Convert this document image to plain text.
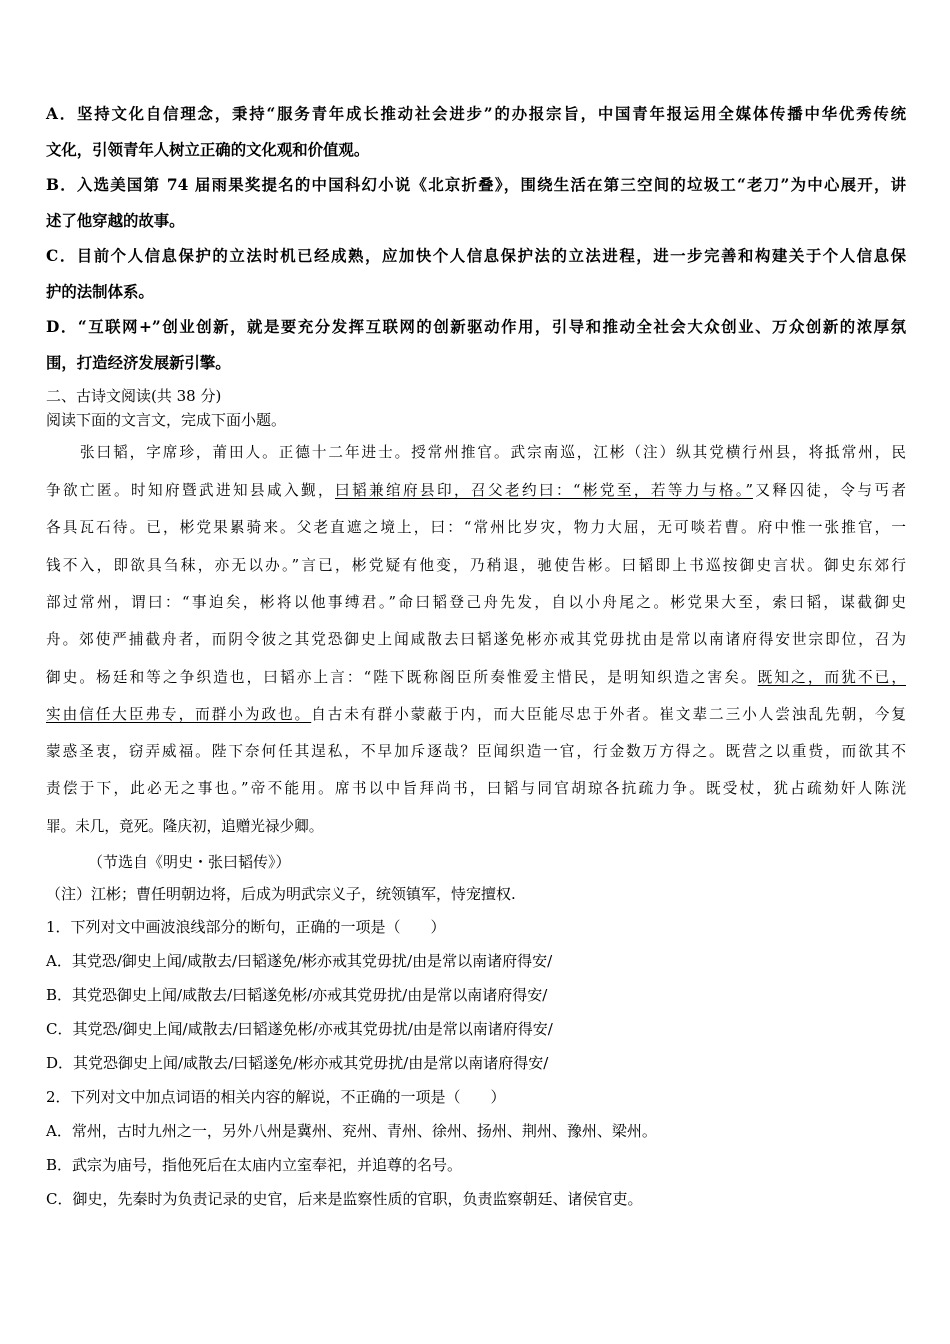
A．坚持文化自信理念，秉持“服务青年成长推动社会进步”的办报宗旨，中国青年报运用全媒体传播中华优秀传统
文化，引领青年人树立正确的文化观和价值观。
B．入选美国第 74 届雨果奖提名的中国科幻小说《北京折叠》，围绕生活在第三空间的垃圾工“老刀”为中心展开，讲
述了他穿越的故事。
C．目前个人信息保护的立法时机已经成熟，应加快个人信息保护法的立法进程，进一步完善和构建关于个人信息保
护的法制体系。
D．“互联网+”创业创新，就是要充分发挥互联网的创新驱动作用，引导和推动全社会大众创业、万众创新的浓厚氛
围，打造经济发展新引擎。
二、古诗文阅读(共 38 分)
阅读下面的文言文，完成下面小题。
张曰韬，字席珍，莆田人。正德十二年进士。授常州推官。武宗南巡，江彬（注）纵其党横行州县，将抵常州，民
争欲亡匿。时知府暨武进知县咸入觐，曰韬兼绾府县印，召父老约曰：“彬党至，若等力与格。”又释囚徒，令与丐者
各具瓦石待。已，彬党果累骑来。父老直遮之境上，曰：“常州比岁灾，物力大屈，无可啖若曹。府中惟一张推官，一
钱不入，即欲具刍秣，亦无以办。”言已，彬党疑有他变，乃稍退，驰使告彬。曰韬即上书巡按御史言状。御史东郊行
部过常州，谓曰：“事迫矣，彬将以他事缚君。”命曰韬登己舟先发，自以小舟尾之。彬党果大至，索曰韬，谋截御史
舟。郊使严捕截舟者，而阴令彼之其党恐御史上闻咸散去曰韬遂免彬亦戒其党毋扰由是常以南诸府得安世宗即位，召为
御史。杨廷和等之争织造也，曰韬亦上言：“陛下既称阁臣所奏惟爱主惜民，是明知织造之害矣。既知之，而犹不已，
实由信任大臣弗专，而群小为政也。自古未有群小蒙蔽于内，而大臣能尽忠于外者。崔文辈二三小人尝浊乱先朝，今复
蒙惑圣衷，窃弄威福。陛下奈何任其逞私，不早加斥逐哉？臣闻织造一官，行金数万方得之。既营之以重赀，而欲其不
责偿于下，此必无之事也。”帝不能用。席书以中旨拜尚书，曰韬与同官胡琼各抗疏力争。既受杖，犹占疏劾奸人陈洸
罪。未几，竟死。隆庆初，追赠光禄少卿。
（节选自《明史・张曰韬传》）
（注）江彬；曹任明朝边将，后成为明武宗义子，统领镇军，恃宠擅权.
1．下列对文中画波浪线部分的断句，正确的一项是（　　）
A．其党恐/御史上闻/咸散去/曰韬遂免/彬亦戒其党毋扰/由是常以南诸府得安/
B．其党恐御史上闻/咸散去/曰韬遂免彬/亦戒其党毋扰/由是常以南诸府得安/
C．其党恐/御史上闻/咸散去/曰韬遂免彬/亦戒其党毋扰/由是常以南诸府得安/
D．其党恐御史上闻/咸散去/曰韬遂免/彬亦戒其党毋扰/由是常以南诸府得安/
2．下列对文中加点词语的相关内容的解说，不正确的一项是（　　）
A．常州，古时九州之一，另外八州是冀州、兖州、青州、徐州、扬州、荆州、豫州、梁州。
B．武宗为庙号，指他死后在太庙内立室奉祀，并追尊的名号。
C．御史，先秦时为负责记录的史官，后来是监察性质的官职，负责监察朝廷、诸侯官吏。
